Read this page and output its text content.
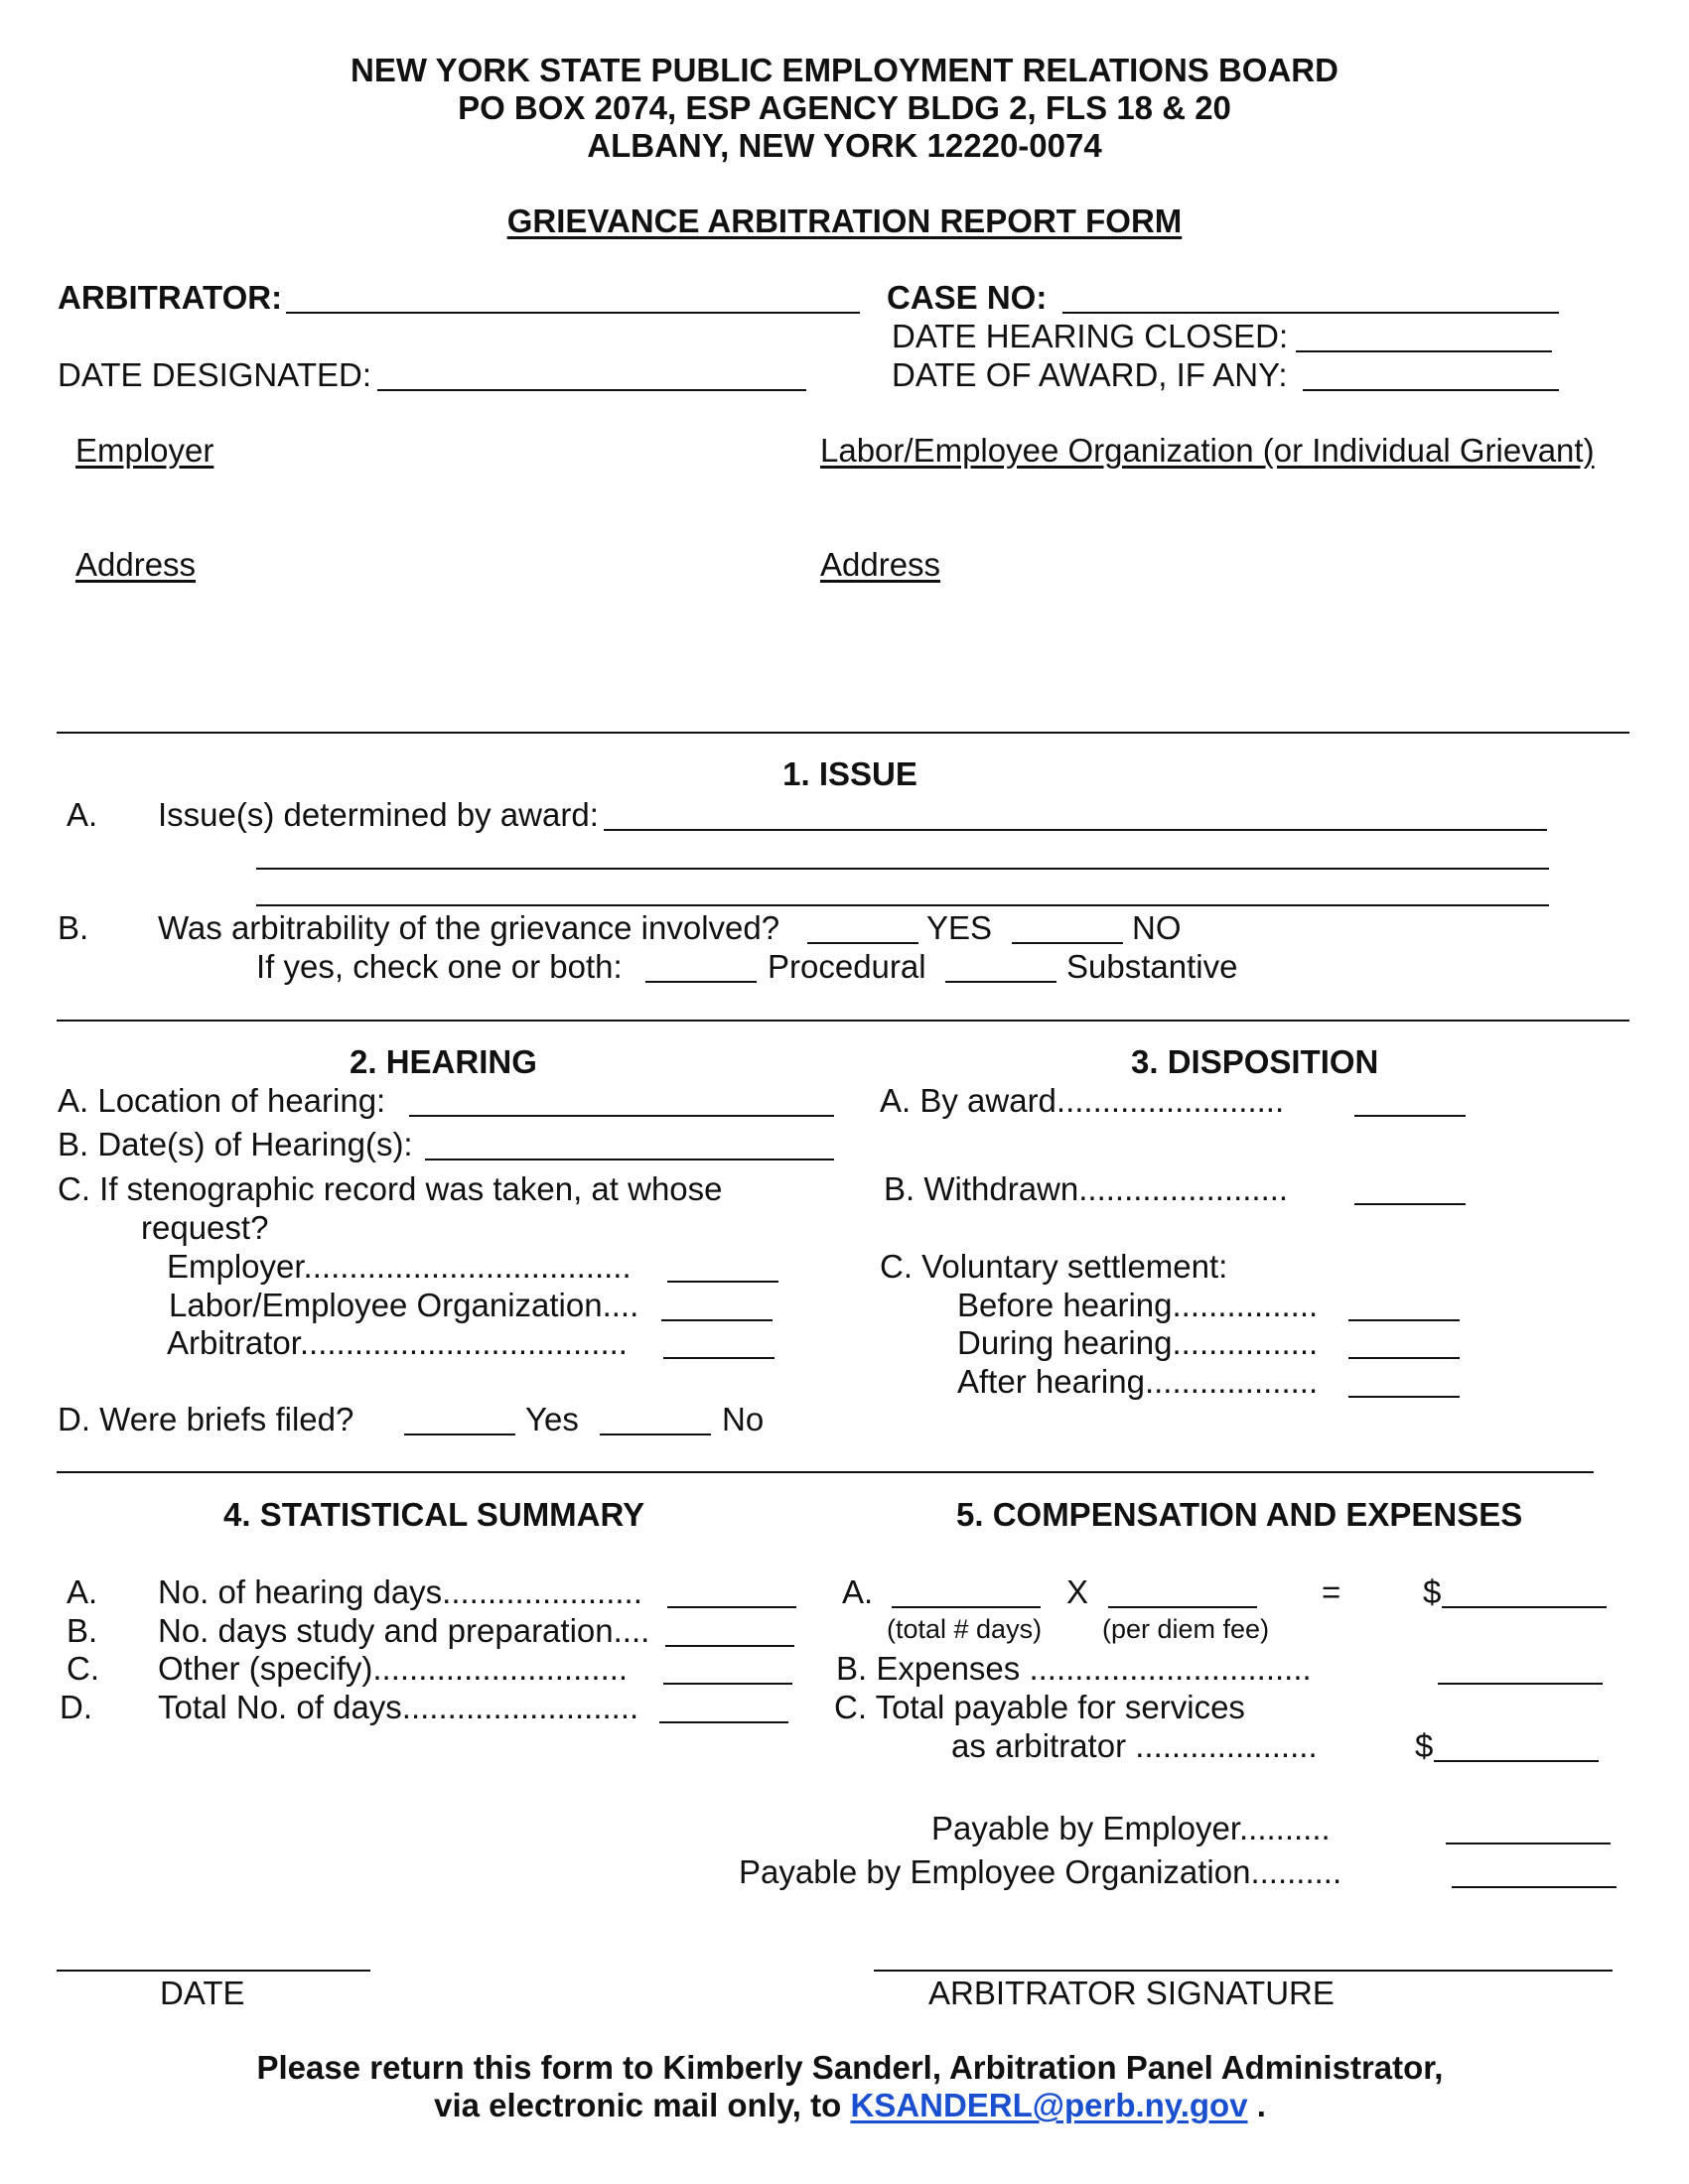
NEW YORK STATE PUBLIC EMPLOYMENT RELATIONS BOARD
PO BOX 2074, ESP AGENCY BLDG 2, FLS 18 & 20
ALBANY, NEW YORK 12220-0074
GRIEVANCE ARBITRATION REPORT FORM
ARBITRATOR:	CASE NO:
DATE HEARING CLOSED:
DATE DESIGNATED:	DATE OF AWARD, IF ANY:
Employer	Labor/Employee Organization (or Individual Grievant)
Address	Address
1. ISSUE
A. Issue(s) determined by award:
B. Was arbitrability of the grievance involved?	YES	NO
If yes, check one or both:	Procedural	Substantive
2. HEARING
A. Location of hearing:
B. Date(s) of Hearing(s):
C. If stenographic record was taken, at whose
request?
Employer....................................
Labor/Employee Organization....
Arbitrator....................................
D. Were briefs filed?	Yes	No
3. DISPOSITION
A. By award.........................
B. Withdrawn.......................
C. Voluntary settlement:
Before hearing................
During hearing................
After hearing...................
4. STATISTICAL SUMMARY
A. No. of hearing days......................
B. No. days study and preparation....
C. Other (specify)............................
D. Total No. of days..........................
5. COMPENSATION AND EXPENSES
A.	X	=	$
(total # days) (per diem fee)
B. Expenses ...............................
C. Total payable for services
as arbitrator ....................	$
Payable by Employer..........
Payable by Employee Organization..........
DATE	ARBITRATOR SIGNATURE
Please return this form to Kimberly Sanderl, Arbitration Panel Administrator,
via electronic mail only, to KSANDERL@perb.ny.gov .
